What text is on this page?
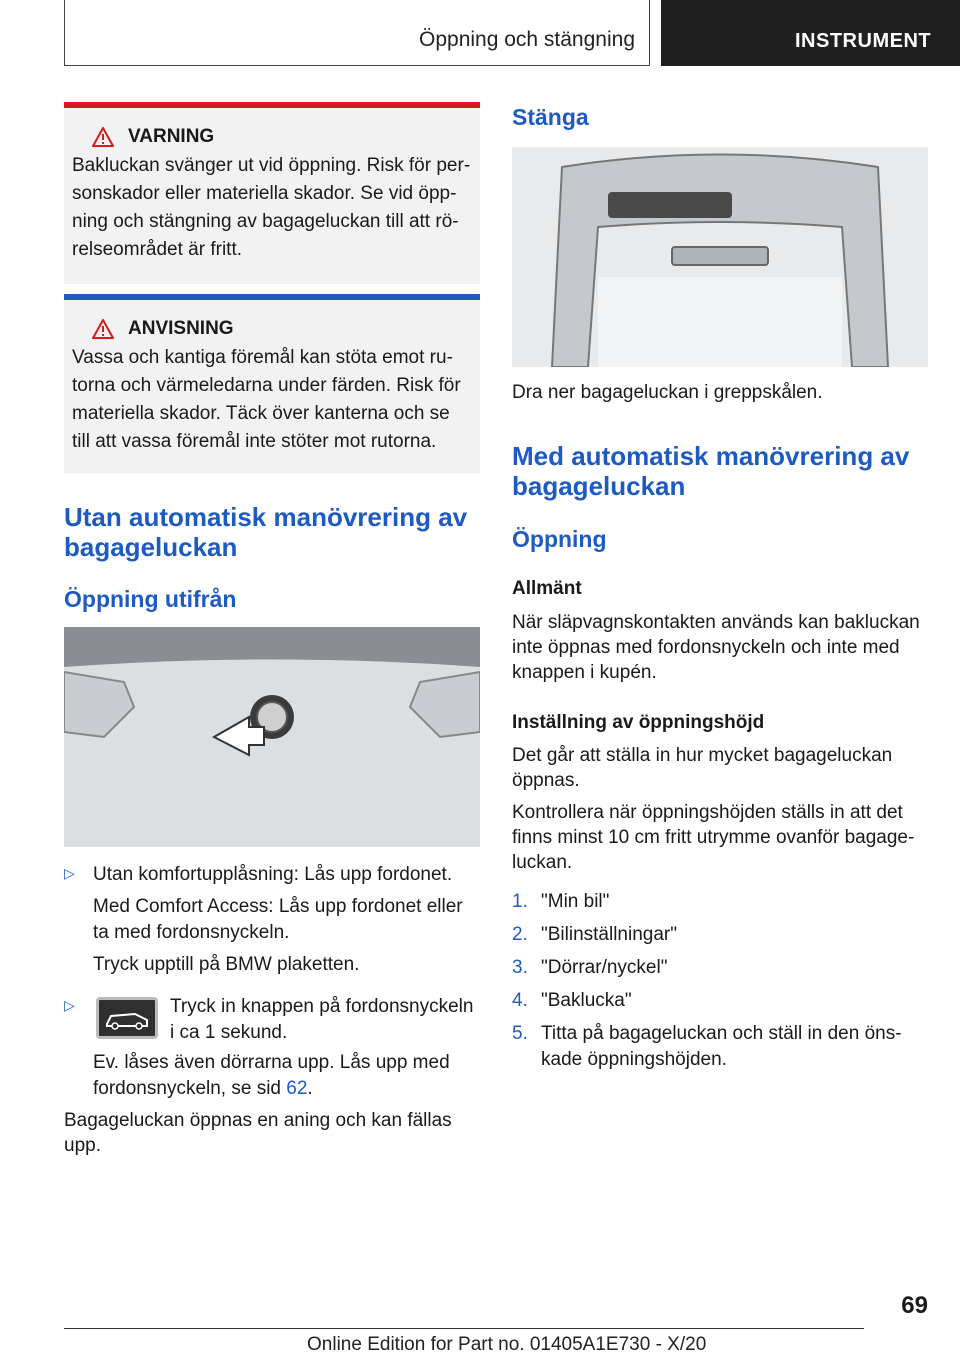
Öppning och stängning	INSTRUMENT
VARNING
Bakluckan svänger ut vid öppning. Risk för personskador eller materiella skador. Se vid öppning och stängning av bagageluckan till att rörelseområdet är fritt.
ANVISNING
Vassa och kantiga föremål kan stöta emot rutorna och värmeledarna under färden. Risk för materiella skador. Täck över kanterna och se till att vassa föremål inte stöter mot rutorna.
Utan automatisk manövrering av bagageluckan
Öppning utifrån
▷ Utan komfortupplåsning: Lås upp fordonet.
Med Comfort Access: Lås upp fordonet eller ta med fordonsnyckeln.
Tryck upptill på BMW plaketten.
▷	Tryck in knappen på fordonsnyckeln i ca 1 sekund.
Ev. låses även dörrarna upp. Lås upp med fordonsnyckeln, se sid 62.
Bagageluckan öppnas en aning och kan fällas upp.
Stänga
Dra ner bagageluckan i greppskålen.
Med automatisk manövrering av bagageluckan
Öppning
Allmänt
När släpvagnskontakten används kan bakluckan inte öppnas med fordonsnyckeln och inte med knappen i kupén.
Inställning av öppningshöjd
Det går att ställa in hur mycket bagageluckan öppnas.
Kontrollera när öppningshöjden ställs in att det finns minst 10 cm fritt utrymme ovanför bagageluckan.
1. "Min bil"
2. "Bilinställningar"
3. "Dörrar/nyckel"
4. "Baklucka"
5. Titta på bagageluckan och ställ in den önskade öppningshöjden.
69
Online Edition for Part no. 01405A1E730 - X/20
